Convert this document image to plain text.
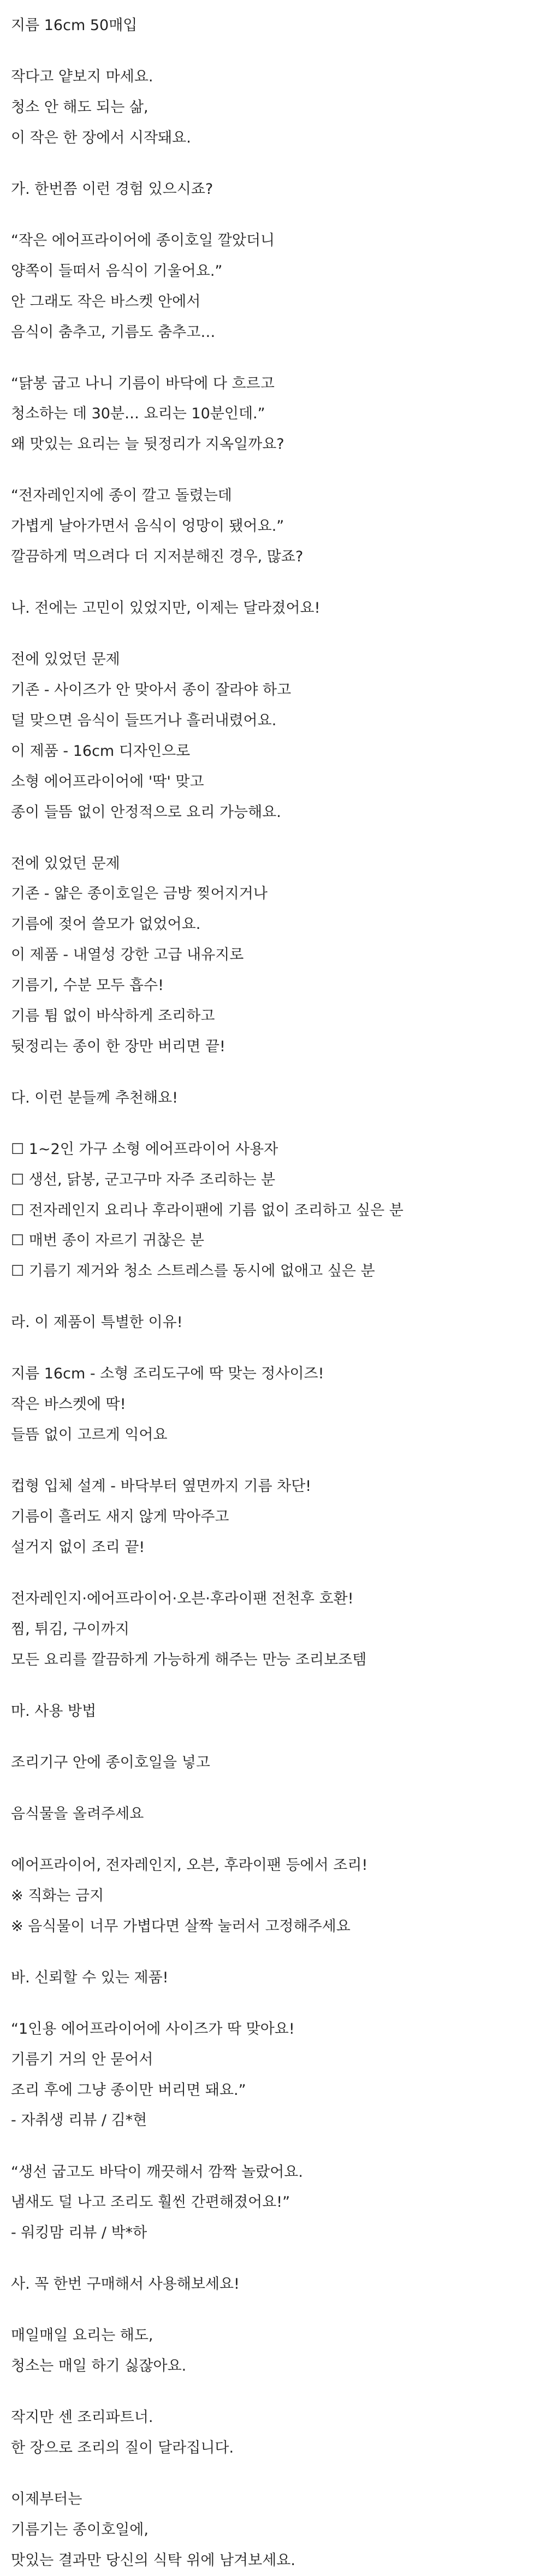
지름 16cm 50매입
작다고 얕보지 마세요.
청소 안 해도 되는 삶,
이 작은 한 장에서 시작돼요.
가. 한번쯤 이런 경험 있으시죠?
“작은 에어프라이어에 종이호일 깔았더니
양쪽이 들떠서 음식이 기울어요.”
안 그래도 작은 바스켓 안에서
음식이 춤추고, 기름도 춤추고…
“닭봉 굽고 나니 기름이 바닥에 다 흐르고
청소하는 데 30분… 요리는 10분인데.”
왜 맛있는 요리는 늘 뒷정리가 지옥일까요?
“전자레인지에 종이 깔고 돌렸는데
가볍게 날아가면서 음식이 엉망이 됐어요.”
깔끔하게 먹으려다 더 지저분해진 경우, 많죠?
나. 전에는 고민이 있었지만, 이제는 달라졌어요!
전에 있었던 문제
기존 - 사이즈가 안 맞아서 종이 잘라야 하고
덜 맞으면 음식이 들뜨거나 흘러내렸어요.
이 제품 - 16cm 디자인으로
소형 에어프라이어에 '딱' 맞고
종이 들뜸 없이 안정적으로 요리 가능해요.
전에 있었던 문제
기존 - 얇은 종이호일은 금방 찢어지거나
기름에 젖어 쓸모가 없었어요.
이 제품 - 내열성 강한 고급 내유지로
기름기, 수분 모두 흡수!
기름 튐 없이 바삭하게 조리하고
뒷정리는 종이 한 장만 버리면 끝!
다. 이런 분들께 추천해요!
☐ 1~2인 가구 소형 에어프라이어 사용자
☐ 생선, 닭봉, 군고구마 자주 조리하는 분
☐ 전자레인지 요리나 후라이팬에 기름 없이 조리하고 싶은 분
☐ 매번 종이 자르기 귀찮은 분
☐ 기름기 제거와 청소 스트레스를 동시에 없애고 싶은 분
라. 이 제품이 특별한 이유!
지름 16cm - 소형 조리도구에 딱 맞는 정사이즈!
작은 바스켓에 딱!
들뜸 없이 고르게 익어요
컵형 입체 설계 - 바닥부터 옆면까지 기름 차단!
기름이 흘러도 새지 않게 막아주고
설거지 없이 조리 끝!
전자레인지·에어프라이어·오븐·후라이팬 전천후 호환!
찜, 튀김, 구이까지
모든 요리를 깔끔하게 가능하게 해주는 만능 조리보조템
마. 사용 방법
조리기구 안에 종이호일을 넣고
음식물을 올려주세요
에어프라이어, 전자레인지, 오븐, 후라이팬 등에서 조리!
※ 직화는 금지
※ 음식물이 너무 가볍다면 살짝 눌러서 고정해주세요
바. 신뢰할 수 있는 제품!
“1인용 에어프라이어에 사이즈가 딱 맞아요!
기름기 거의 안 묻어서
조리 후에 그냥 종이만 버리면 돼요.”
- 자취생 리뷰 / 김*현
“생선 굽고도 바닥이 깨끗해서 깜짝 놀랐어요.
냄새도 덜 나고 조리도 훨씬 간편해졌어요!”
- 워킹맘 리뷰 / 박*하
사. 꼭 한번 구매해서 사용해보세요!
매일매일 요리는 해도,
청소는 매일 하기 싫잖아요.
작지만 센 조리파트너.
한 장으로 조리의 질이 달라집니다.
이제부터는
기름기는 종이호일에,
맛있는 결과만 당신의 식탁 위에 남겨보세요.
